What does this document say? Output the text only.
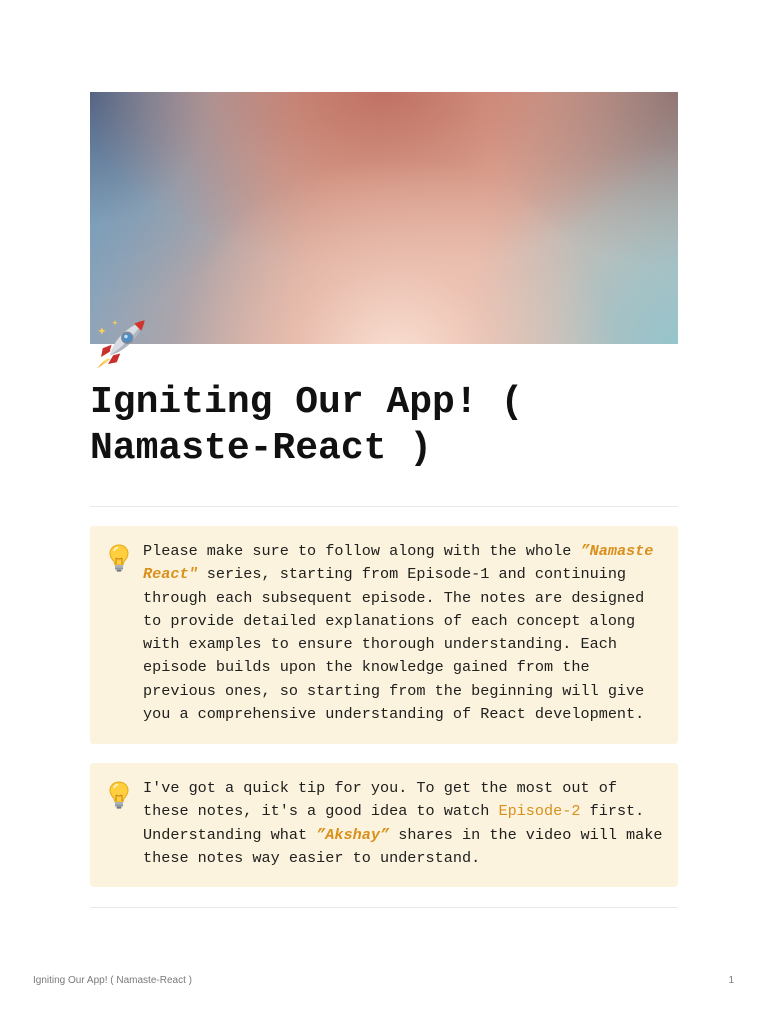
Igniting Our App! (
Namaste-React )
Please make sure to follow along with the whole ”Namaste
React" series, starting from Episode-1 and continuing
through each subsequent episode. The notes are designed
to provide detailed explanations of each concept along
with examples to ensure thorough understanding. Each
episode builds upon the knowledge gained from the
previous ones, so starting from the beginning will give
you a comprehensive understanding of React development.
I've got a quick tip for you. To get the most out of
these notes, it's a good idea to watch Episode-2 first.
Understanding what ”Akshay” shares in the video will make
these notes way easier to understand.
Igniting Our App! ( Namaste-React )	1
